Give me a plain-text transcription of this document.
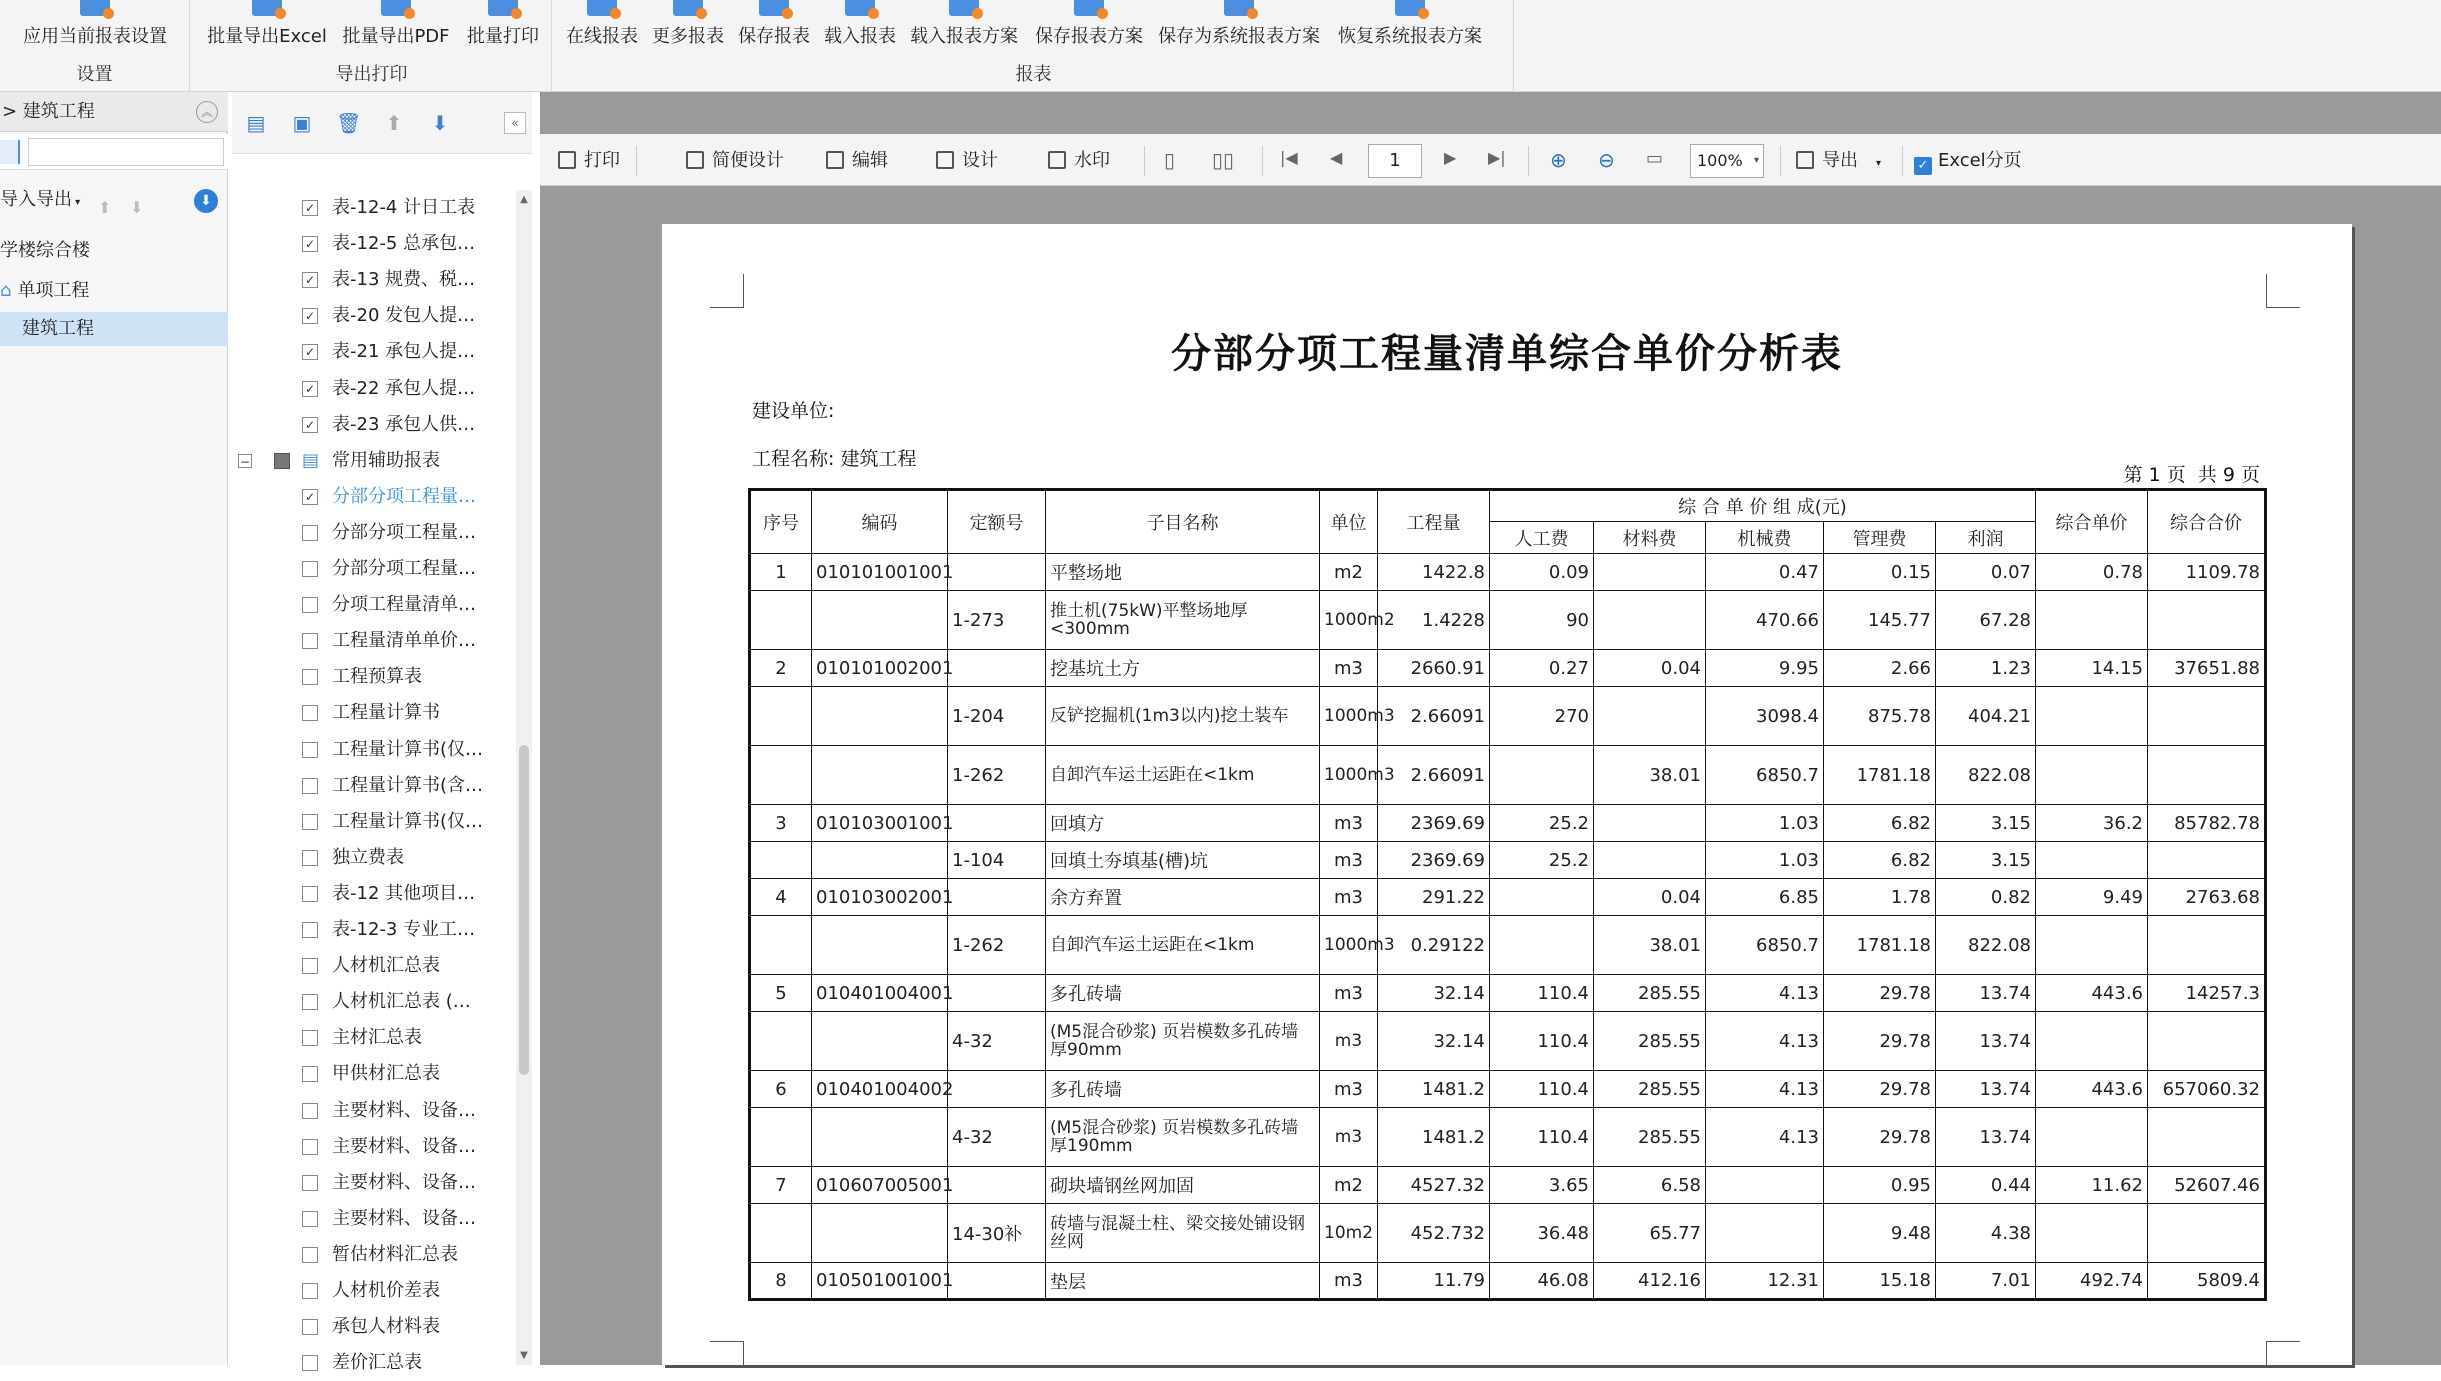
应用当前报表设置
设置
批量导出Excel 批量导出PDF 批量打印
导出打印
在线报表 更多报表 保存报表 载入报表 载入报表方案 保存报表方案 保存为系统报表方案	恢复系统报表方案
报表
> 建筑工程	︽
导入导出 ▾ ⬆ ⬇	⬇
学楼综合楼
⌂ 单项工程
建筑工程
▤ ▣ 🗑 ⬆ ⬇	«
✓ 表-12-4 计日工表
✓ 表-12-5 总承包…
✓ 表-13 规费、税…
✓ 表-20 发包人提…
✓ 表-21 承包人提…
✓ 表-22 承包人提…
✓ 表-23 承包人供…
−	▤ 常用辅助报表
✓ 分部分项工程量…
分部分项工程量…
分部分项工程量…
分项工程量清单…
工程量清单单价…
工程预算表
工程量计算书
工程量计算书(仅…
工程量计算书(含…
工程量计算书(仅…
独立费表
表-12 其他项目…
表-12-3 专业工…
人材机汇总表
人材机汇总表 (…
主材汇总表
甲供材汇总表
主要材料、设备…
主要材料、设备…
主要材料、设备…
主要材料、设备…
暂估材料汇总表
人材机价差表
承包人材料表
差价汇总表
▲
▼
打印	简便设计	编辑	设计	水印	▯ ▯▯	|◀ ◀	1	▶ ▶| ⊕ ⊖ ▭	100% ▾	导出 ▾	✓ Excel分页
分部分项工程量清单综合单价分析表
建设单位:
工程名称: 建筑工程
第 1 页  共 9 页
序号	编码	定额号	子目名称	单位	工程量	综 合 单 价 组 成(元)					综合单价	综合合价
						人工费	材料费	机械费	管理费	利润		
1	010101001001		平整场地	m2	1422.8	0.09		0.47	0.15	0.07	0.78	1109.78
		1-273	推土机(75kW)平整场地厚<300mm	1000m2	1.4228	90		470.66	145.77	67.28		
2	010101002001		挖基坑土方	m3	2660.91	0.27	0.04	9.95	2.66	1.23	14.15	37651.88
		1-204	反铲挖掘机(1m3以内)挖土装车	1000m3	2.66091	270		3098.4	875.78	404.21		
		1-262	自卸汽车运土运距在<1km	1000m3	2.66091		38.01	6850.7	1781.18	822.08		
3	010103001001		回填方	m3	2369.69	25.2		1.03	6.82	3.15	36.2	85782.78
		1-104	回填土夯填基(槽)坑	m3	2369.69	25.2		1.03	6.82	3.15		
4	010103002001		余方弃置	m3	291.22		0.04	6.85	1.78	0.82	9.49	2763.68
		1-262	自卸汽车运土运距在<1km	1000m3	0.29122		38.01	6850.7	1781.18	822.08		
5	010401004001		多孔砖墙	m3	32.14	110.4	285.55	4.13	29.78	13.74	443.6	14257.3
		4-32	(M5混合砂浆) 页岩模数多孔砖墙厚90mm	m3	32.14	110.4	285.55	4.13	29.78	13.74		
6	010401004002		多孔砖墙	m3	1481.2	110.4	285.55	4.13	29.78	13.74	443.6	657060.32
		4-32	(M5混合砂浆) 页岩模数多孔砖墙厚190mm	m3	1481.2	110.4	285.55	4.13	29.78	13.74		
7	010607005001		砌块墙钢丝网加固	m2	4527.32	3.65	6.58		0.95	0.44	11.62	52607.46
		14-30补	砖墙与混凝土柱、梁交接处铺设钢丝网	10m2	452.732	36.48	65.77		9.48	4.38		
8	010501001001		垫层	m3	11.79	46.08	412.16	12.31	15.18	7.01	492.74	5809.4
